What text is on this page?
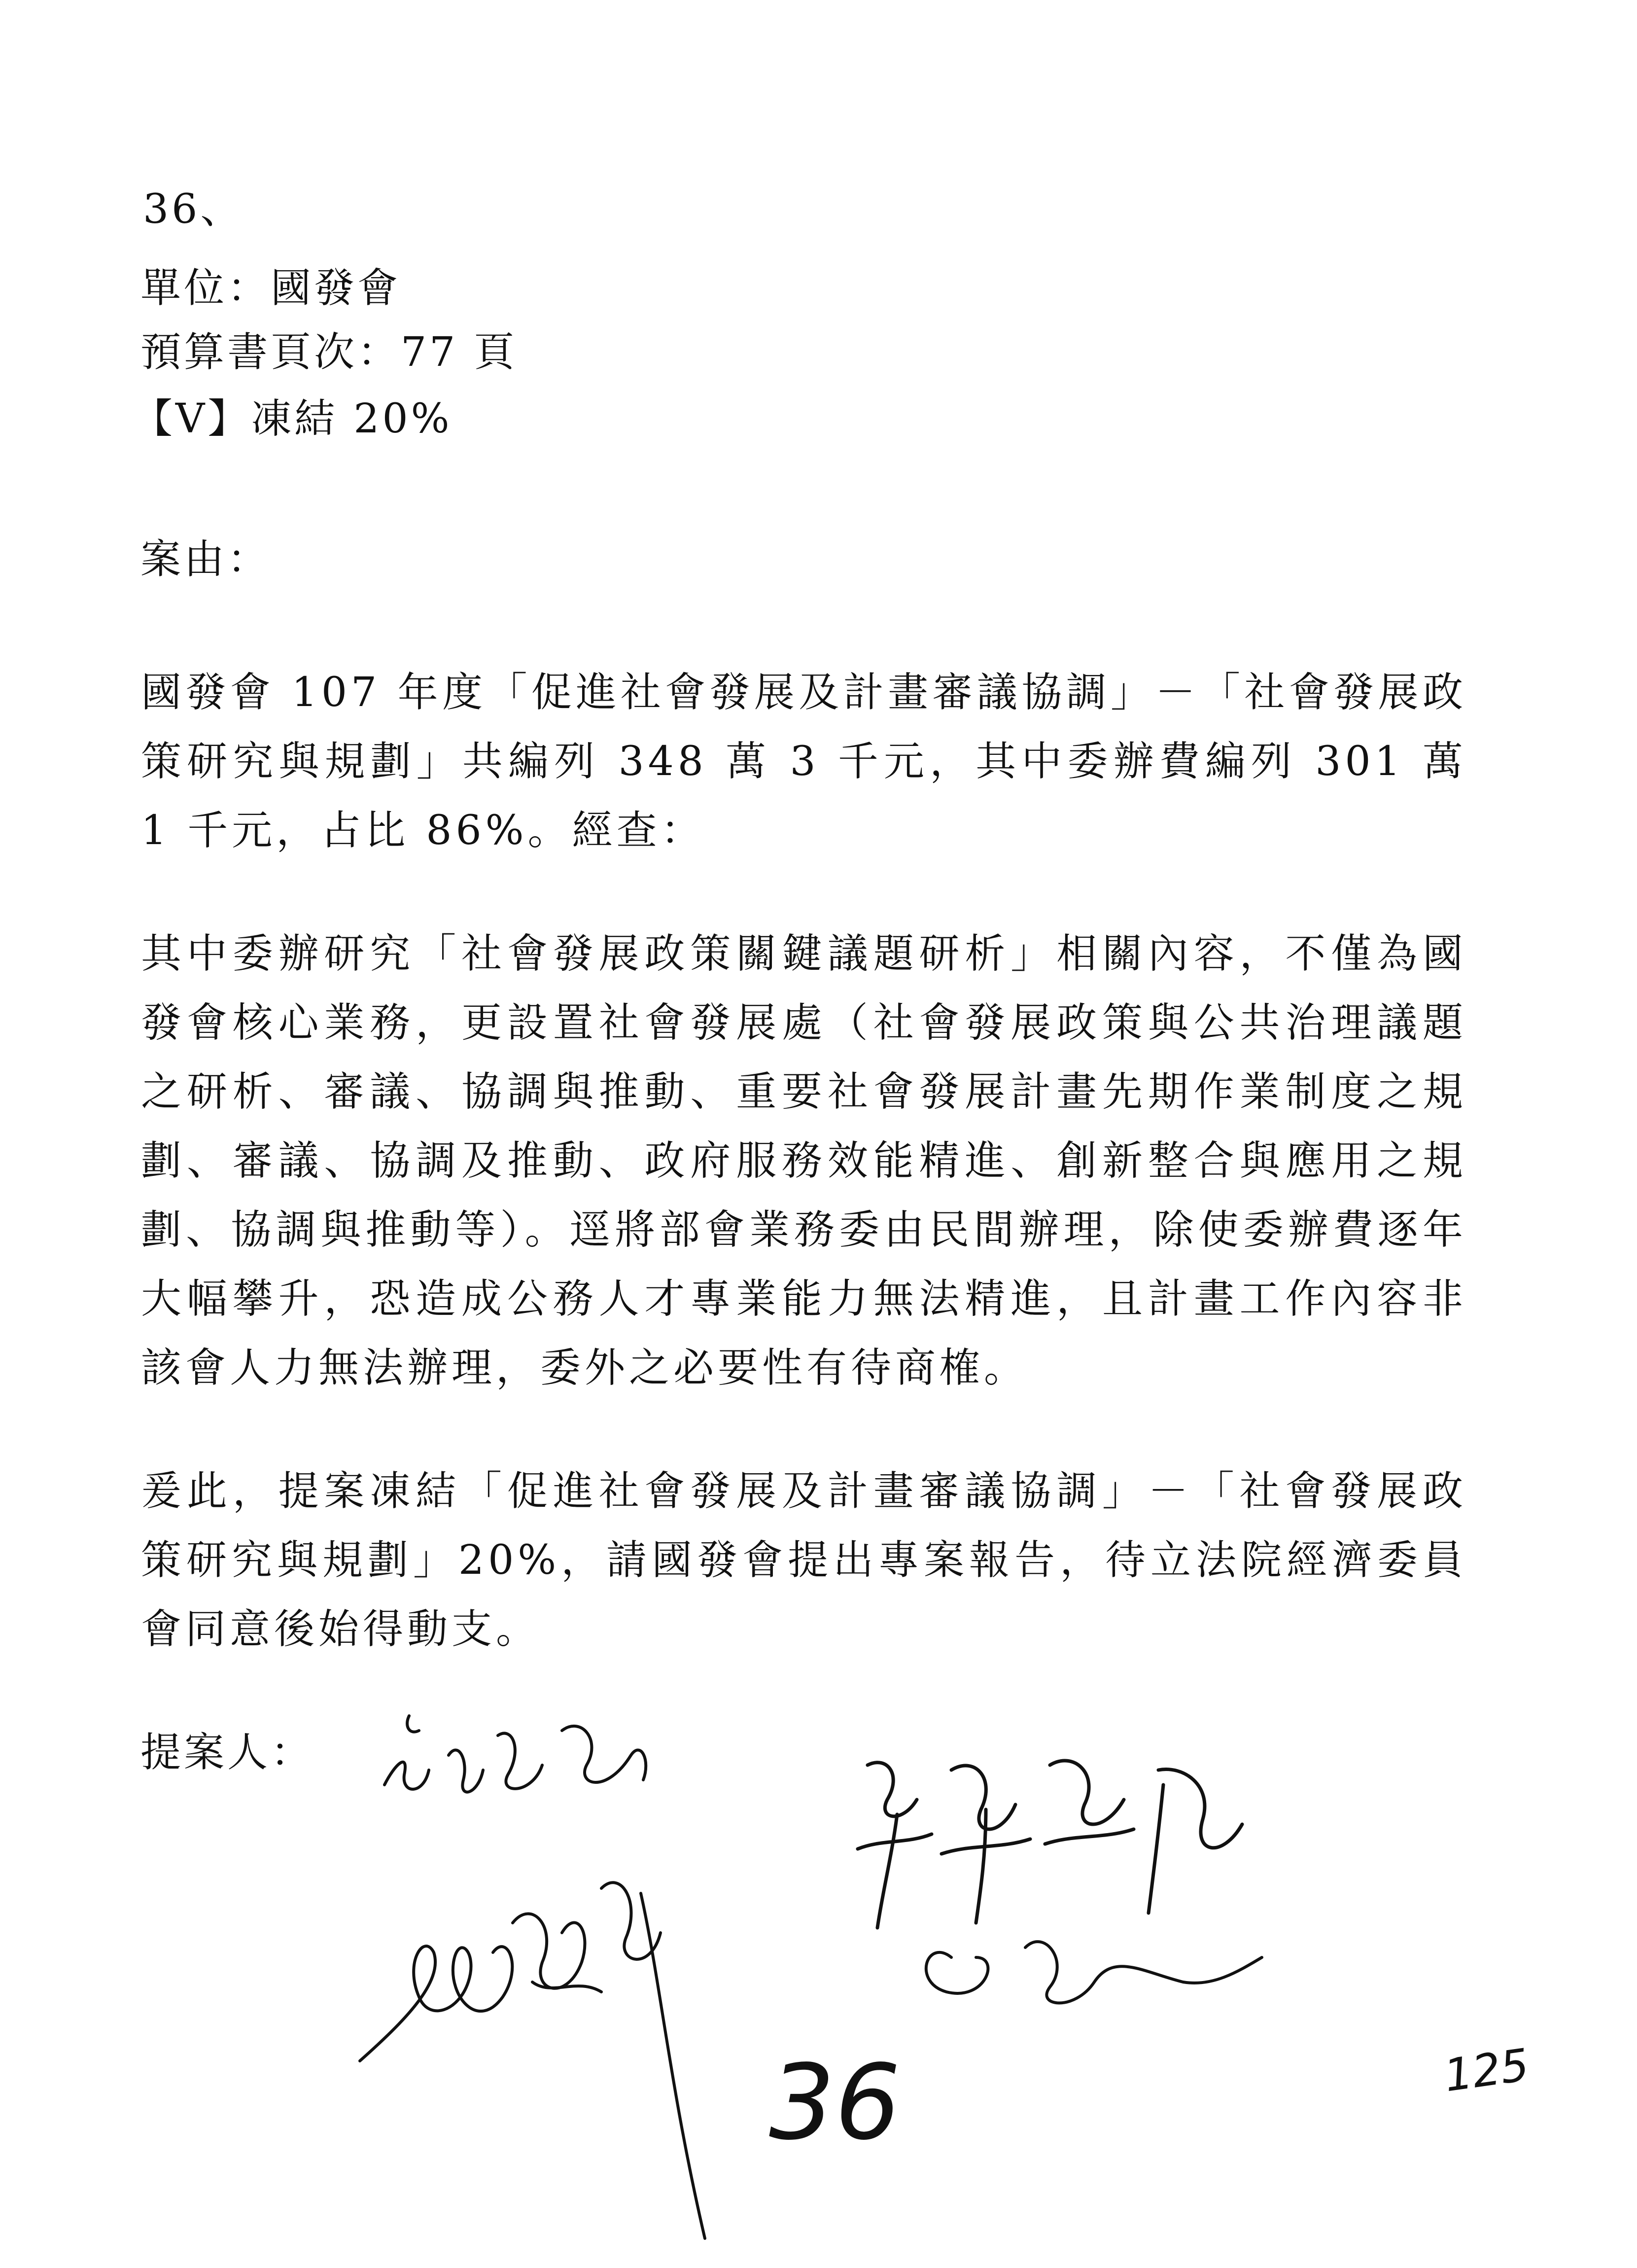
36、
單位：國發會
預算書頁次：77 頁
【V】凍結 20%
案由：
國發會 107 年度「促進社會發展及計畫審議協調」－「社會發展政策研究與規劃」共編列 348 萬 3 千元，其中委辦費編列 301 萬 1 千元，占比 86%。經查：
其中委辦研究「社會發展政策關鍵議題研析」相關內容，不僅為國發會核心業務，更設置社會發展處（社會發展政策與公共治理議題之研析、審議、協調與推動、重要社會發展計畫先期作業制度之規劃、審議、協調及推動、政府服務效能精進、創新整合與應用之規劃、協調與推動等）。逕將部會業務委由民間辦理，除使委辦費逐年大幅攀升，恐造成公務人才專業能力無法精進，且計畫工作內容非該會人力無法辦理，委外之必要性有待商榷。
爰此，提案凍結「促進社會發展及計畫審議協調」－「社會發展政策研究與規劃」20%，請國發會提出專案報告，待立法院經濟委員會同意後始得動支。
提案人：
36	125
